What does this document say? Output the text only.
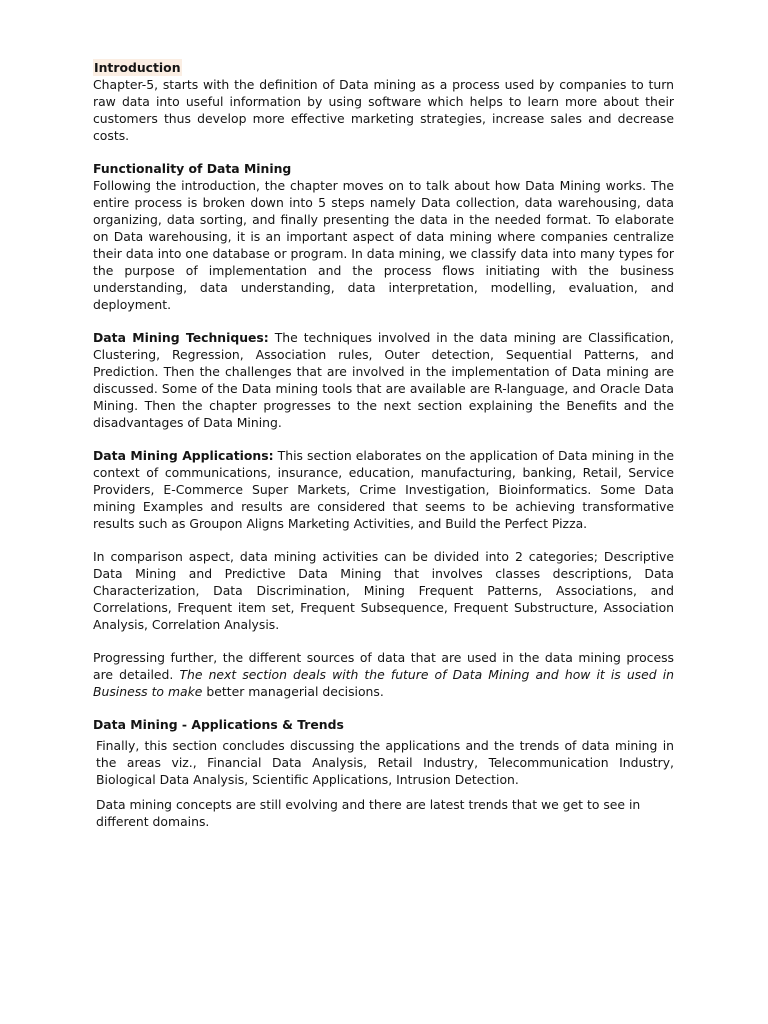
Introduction

Chapter-5, starts with the definition of Data mining as a process used by companies to turn raw data into useful information by using software which helps to learn more about their customers thus develop more effective marketing strategies, increase sales and decrease costs.

Functionality of Data Mining

Following the introduction, the chapter moves on to talk about how Data Mining works. The entire process is broken down into 5 steps namely Data collection, data warehousing, data organizing, data sorting, and finally presenting the data in the needed format. To elaborate on Data warehousing, it is an important aspect of data mining where companies centralize their data into one database or program. In data mining, we classify data into many types for the purpose of implementation and the process flows initiating with the business understanding, data understanding, data interpretation, modelling, evaluation, and deployment.

Data Mining Techniques: The techniques involved in the data mining are Classification, Clustering, Regression, Association rules, Outer detection, Sequential Patterns, and Prediction. Then the challenges that are involved in the implementation of Data mining are discussed. Some of the Data mining tools that are available are R-language, and Oracle Data Mining. Then the chapter progresses to the next section explaining the Benefits and the disadvantages of Data Mining.

Data Mining Applications: This section elaborates on the application of Data mining in the context of communications, insurance, education, manufacturing, banking, Retail, Service Providers, E-Commerce Super Markets, Crime Investigation, Bioinformatics. Some Data mining Examples and results are considered that seems to be achieving transformative results such as Groupon Aligns Marketing Activities, and Build the Perfect Pizza.

In comparison aspect, data mining activities can be divided into 2 categories; Descriptive Data Mining and Predictive Data Mining that involves classes descriptions, Data Characterization, Data Discrimination, Mining Frequent Patterns, Associations, and Correlations, Frequent item set, Frequent Subsequence, Frequent Substructure, Association Analysis, Correlation Analysis.

Progressing further, the different sources of data that are used in the data mining process are detailed. The next section deals with the future of Data Mining and how it is used in Business to make better managerial decisions.

Data Mining - Applications & Trends

Finally, this section concludes discussing the applications and the trends of data mining in the areas viz., Financial Data Analysis, Retail Industry, Telecommunication Industry, Biological Data Analysis, Scientific Applications, Intrusion Detection.

Data mining concepts are still evolving and there are latest trends that we get to see in different domains.
